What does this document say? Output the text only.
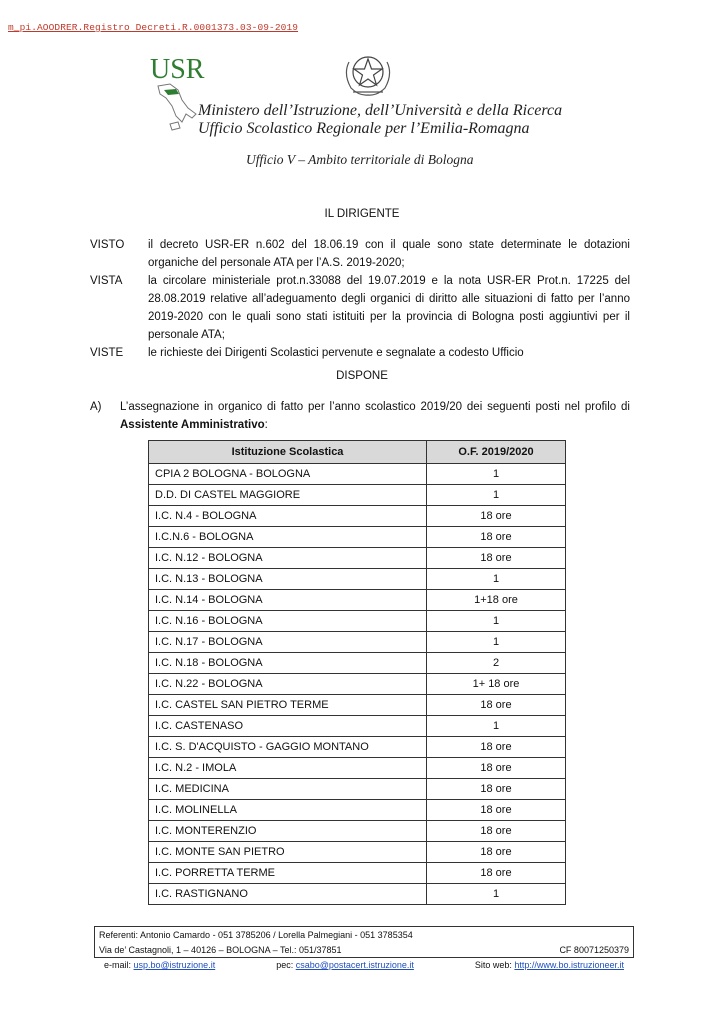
m_pi.AOODRER.Registro Decreti.R.0001373.03-09-2019
USR
Ministero dell’Istruzione, dell’Università e della Ricerca
Ufficio Scolastico Regionale per l’Emilia-Romagna
Ufficio V – Ambito territoriale di Bologna
IL DIRIGENTE
VISTO	il decreto USR-ER n.602 del 18.06.19 con il quale sono state determinate le dotazioni organiche del personale ATA per l’A.S. 2019-2020;
VISTA	la circolare ministeriale prot.n.33088 del 19.07.2019 e la nota USR-ER Prot.n. 17225 del 28.08.2019 relative all’adeguamento degli organici di diritto alle situazioni di fatto per l’anno 2019-2020 con le quali sono stati istituiti per la provincia di Bologna posti aggiuntivi per il personale ATA;
VISTE	le richieste dei Dirigenti Scolastici pervenute e segnalate a codesto Ufficio
DISPONE
A)	L’assegnazione in organico di fatto per l’anno scolastico 2019/20 dei seguenti posti nel profilo di Assistente Amministrativo:
Istituzione Scolastica	O.F. 2019/2020
CPIA 2 BOLOGNA - BOLOGNA	1
D.D. DI CASTEL MAGGIORE	1
I.C. N.4 - BOLOGNA	18 ore
I.C.N.6 - BOLOGNA	18 ore
I.C. N.12 - BOLOGNA	18 ore
I.C. N.13 - BOLOGNA	1
I.C. N.14 - BOLOGNA	1+18 ore
I.C. N.16 - BOLOGNA	1
I.C. N.17 - BOLOGNA	1
I.C. N.18 - BOLOGNA	2
I.C. N.22 - BOLOGNA	1+ 18 ore
I.C. CASTEL SAN PIETRO TERME	18 ore
I.C. CASTENASO	1
I.C. S. D'ACQUISTO - GAGGIO MONTANO	18 ore
I.C. N.2 - IMOLA	18 ore
I.C. MEDICINA	18 ore
I.C. MOLINELLA	18 ore
I.C. MONTERENZIO	18 ore
I.C. MONTE SAN PIETRO	18 ore
I.C. PORRETTA TERME	18 ore
I.C. RASTIGNANO	1
Referenti: Antonio Camardo - 051 3785206 / Lorella Palmegiani - 051 3785354
Via de’ Castagnoli, 1 – 40126 – BOLOGNA – Tel.: 051/37851	CF 80071250379
e-mail: usp.bo@istruzione.it	pec: csabo@postacert.istruzione.it	Sito web: http://www.bo.istruzioneer.it
